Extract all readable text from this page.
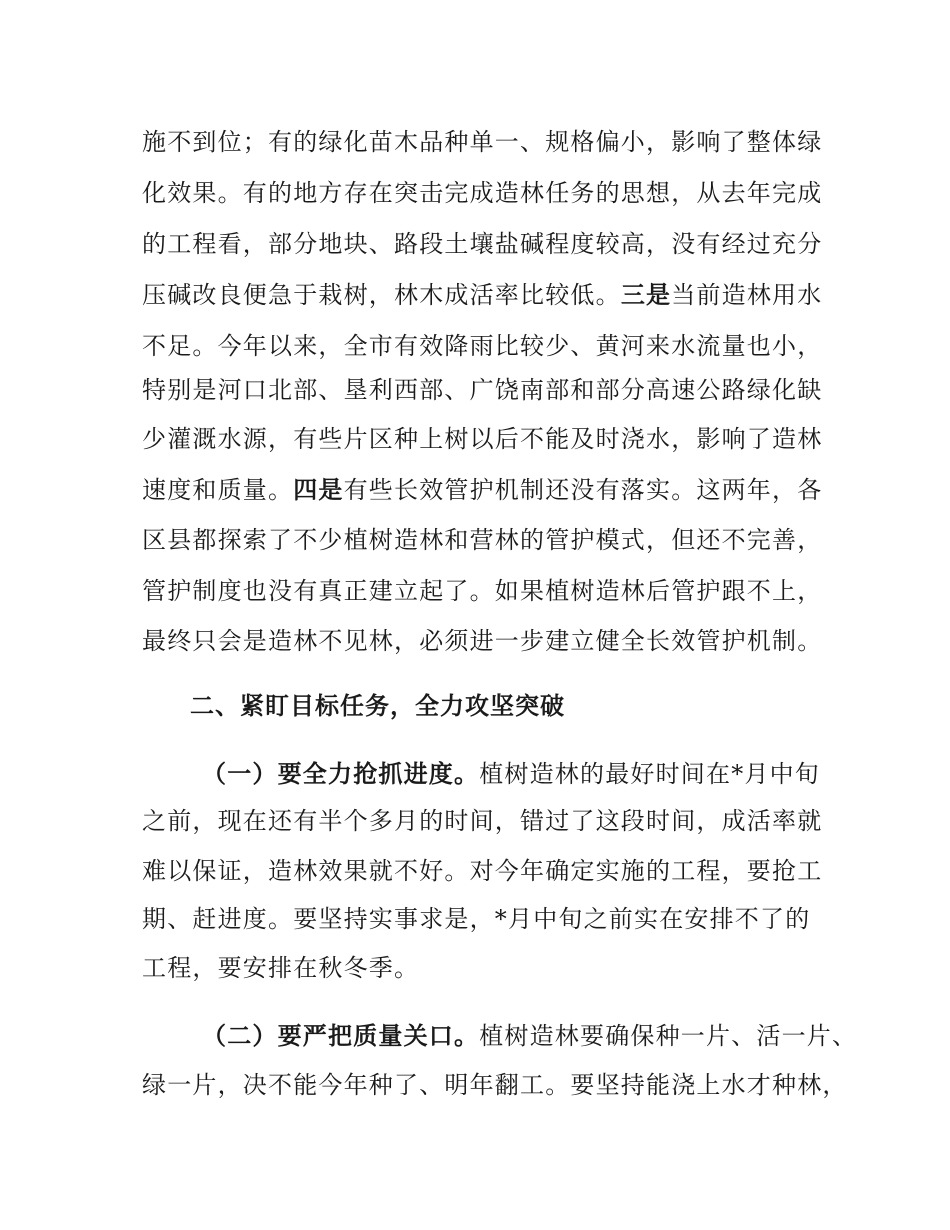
施不到位；有的绿化苗木品种单一、规格偏小，影响了整体绿
化效果。有的地方存在突击完成造林任务的思想，从去年完成
的工程看，部分地块、路段土壤盐碱程度较高，没有经过充分
压碱改良便急于栽树，林木成活率比较低。三是当前造林用水
不足。今年以来，全市有效降雨比较少、黄河来水流量也小，
特别是河口北部、垦利西部、广饶南部和部分高速公路绿化缺
少灌溉水源，有些片区种上树以后不能及时浇水，影响了造林
速度和质量。四是有些长效管护机制还没有落实。这两年，各
区县都探索了不少植树造林和营林的管护模式，但还不完善，
管护制度也没有真正建立起了。如果植树造林后管护跟不上，
最终只会是造林不见林，必须进一步建立健全长效管护机制。
二、紧盯目标任务，全力攻坚突破
（一）要全力抢抓进度。植树造林的最好时间在*月中旬
之前，现在还有半个多月的时间，错过了这段时间，成活率就
难以保证，造林效果就不好。对今年确定实施的工程，要抢工
期、赶进度。要坚持实事求是，*月中旬之前实在安排不了的
工程，要安排在秋冬季。
（二）要严把质量关口。植树造林要确保种一片、活一片、
绿一片，决不能今年种了、明年翻工。要坚持能浇上水才种林，
